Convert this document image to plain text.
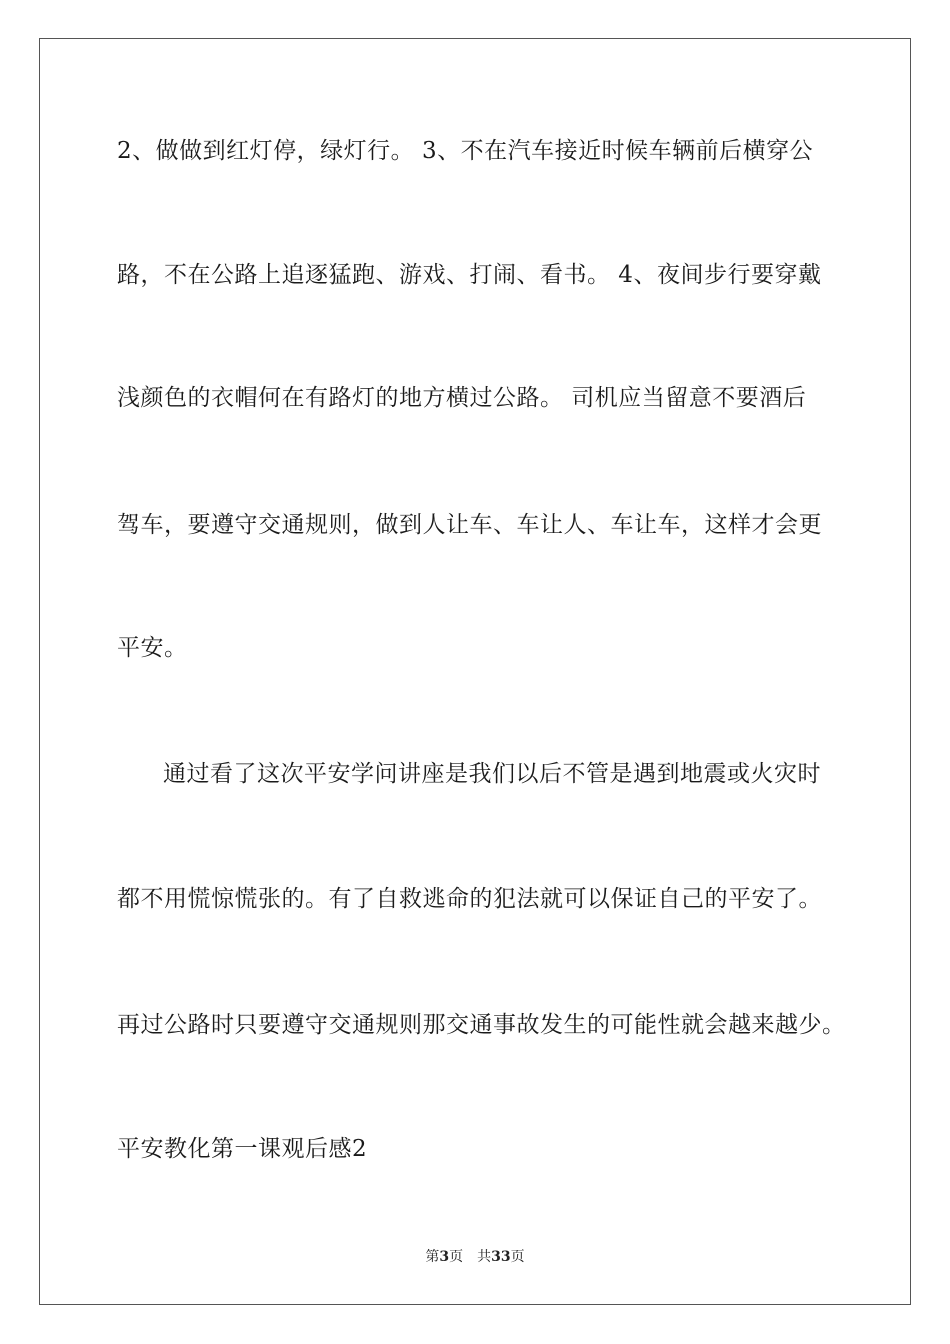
2、做做到红灯停，绿灯行。 3、不在汽车接近时候车辆前后横穿公
路，不在公路上追逐猛跑、游戏、打闹、看书。 4、夜间步行要穿戴
浅颜色的衣帽何在有路灯的地方横过公路。 司机应当留意不要酒后
驾车，要遵守交通规则，做到人让车、车让人、车让车，这样才会更
平安。
通过看了这次平安学问讲座是我们以后不管是遇到地震或火灾时
都不用慌惊慌张的。有了自救逃命的犯法就可以保证自己的平安了。
再过公路时只要遵守交通规则那交通事故发生的可能性就会越来越少。
平安教化第一课观后感2
第3页 共33页
